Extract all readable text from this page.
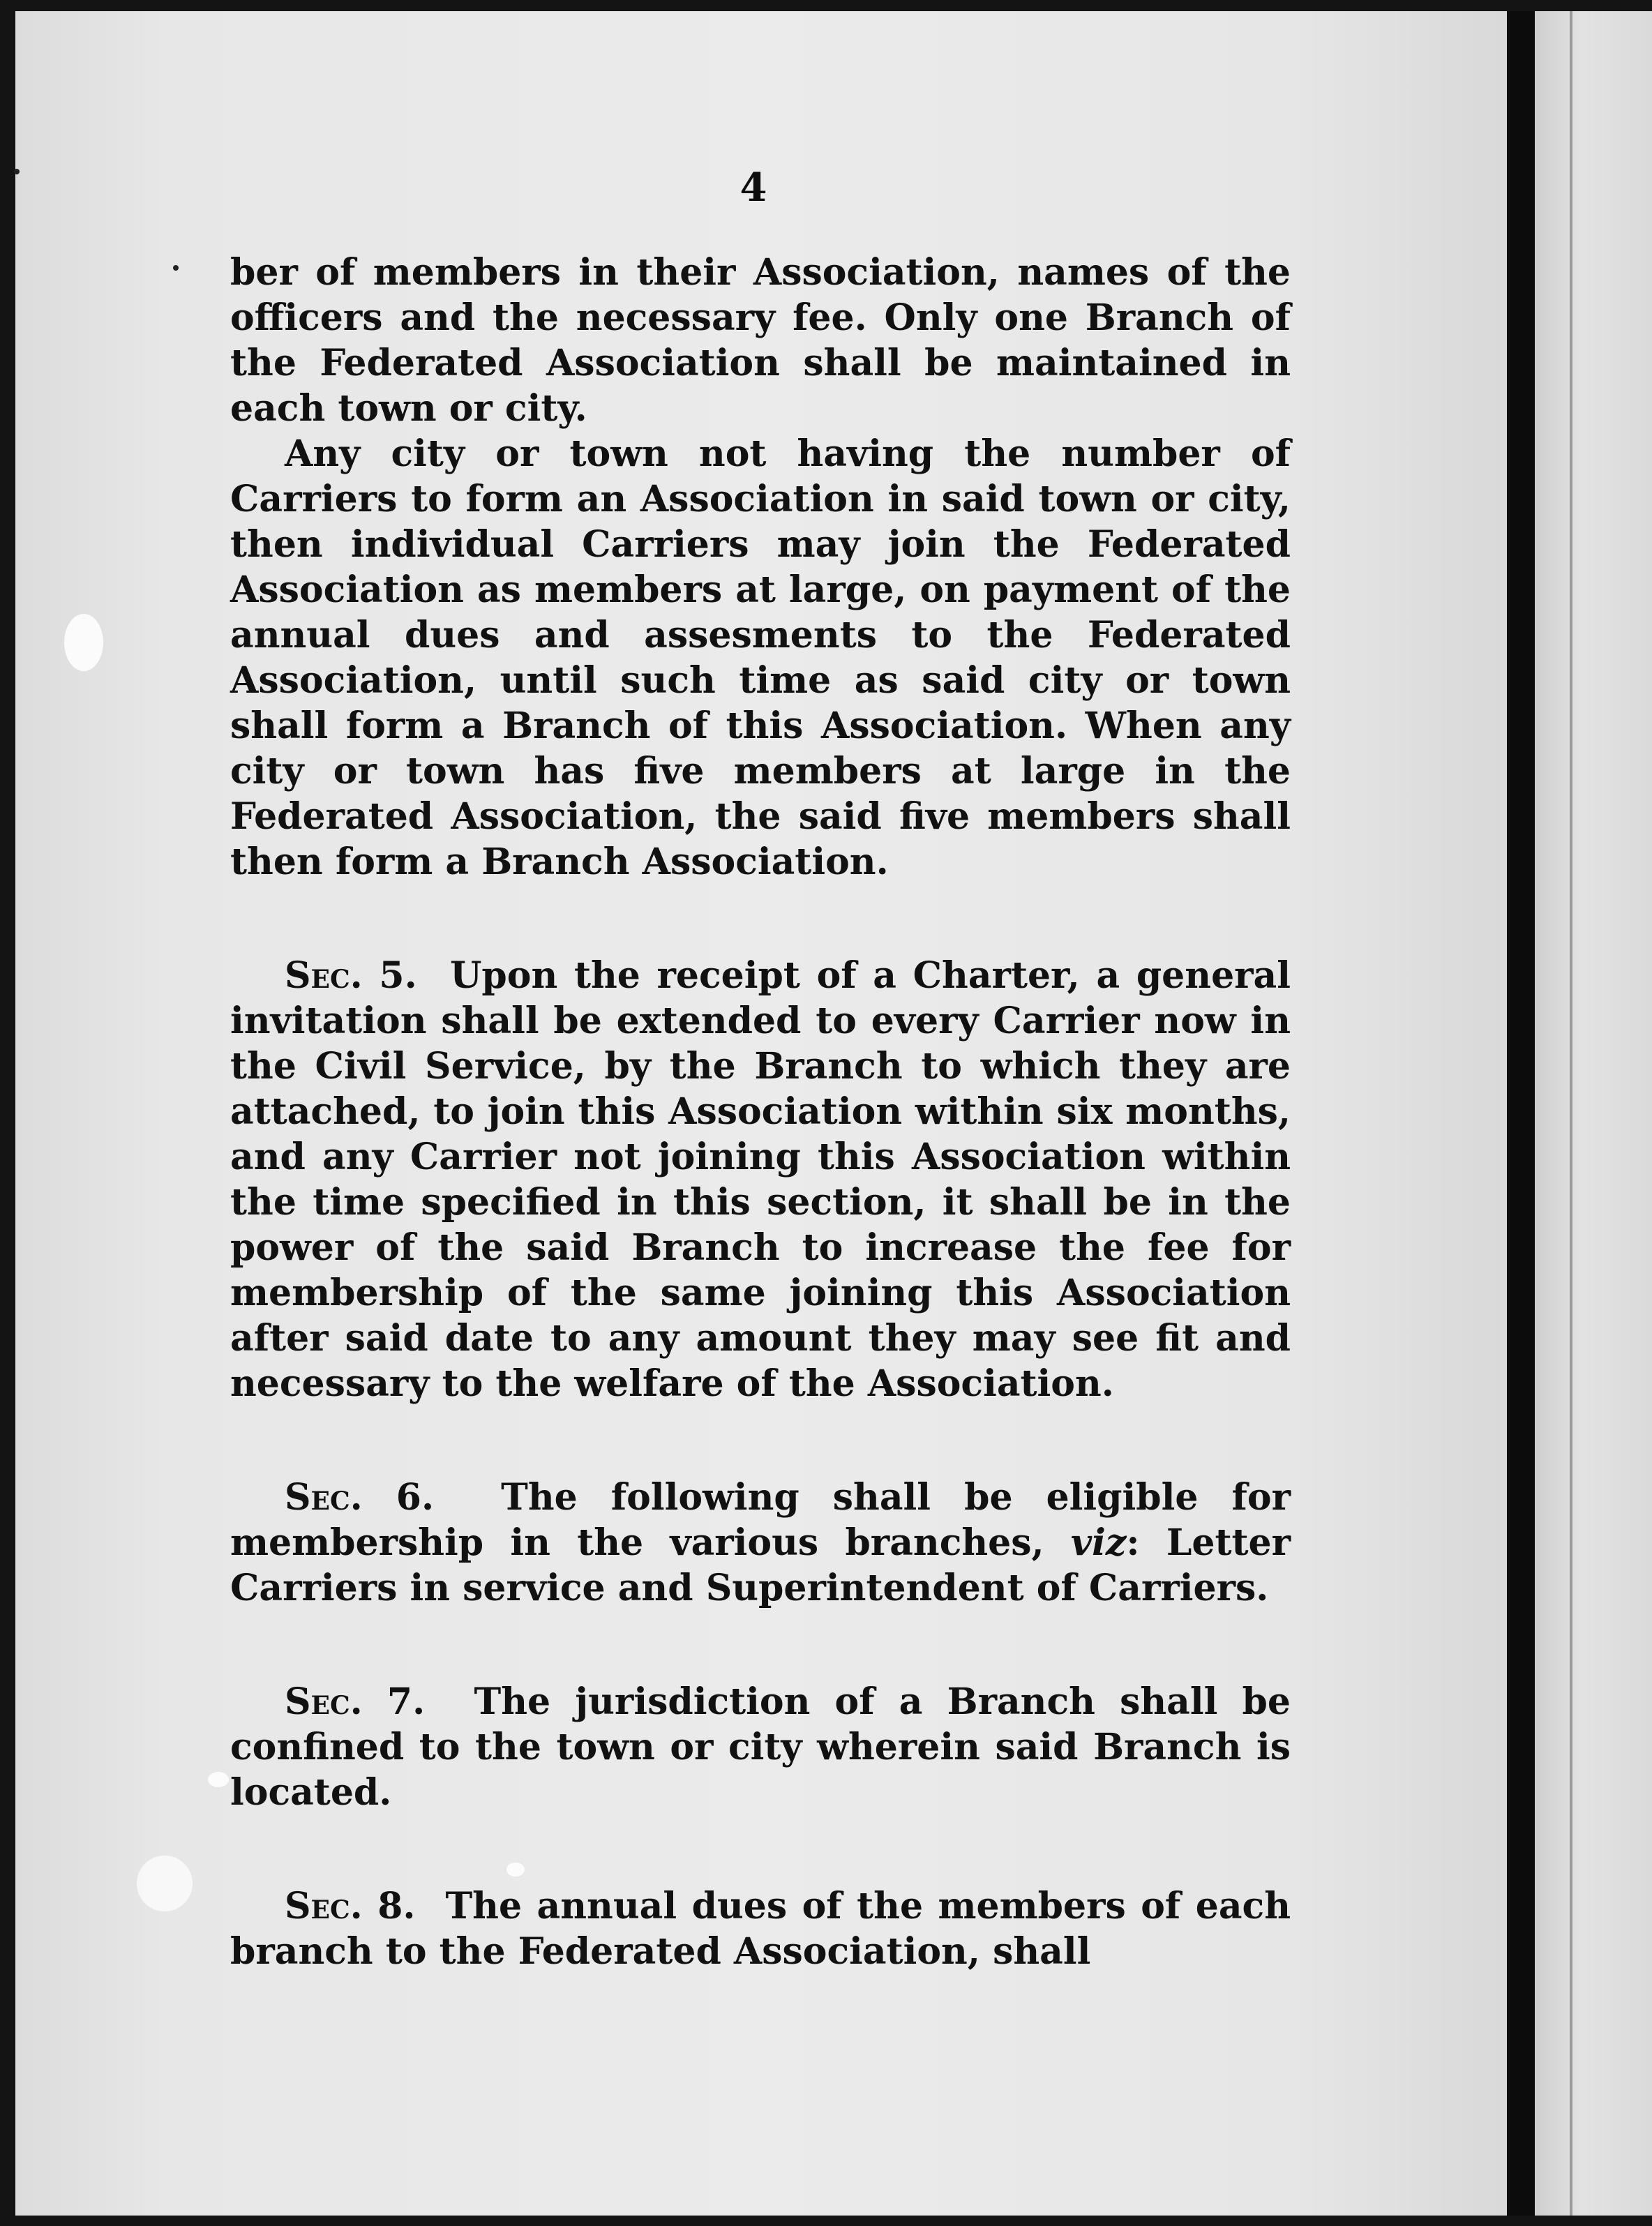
4

ber of members in their Association, names of the officers and the necessary fee. Only one Branch of the Federated Association shall be maintained in each town or city.

Any city or town not having the number of Carriers to form an Association in said town or city, then individual Carriers may join the Federated Association as members at large, on payment of the annual dues and assesments to the Federated Association, until such time as said city or town shall form a Branch of this Association. When any city or town has five members at large in the Federated Association, the said five members shall then form a Branch Association.

Sec. 5. Upon the receipt of a Charter, a general invitation shall be extended to every Carrier now in the Civil Service, by the Branch to which they are attached, to join this Association within six months, and any Carrier not joining this Association within the time specified in this section, it shall be in the power of the said Branch to increase the fee for membership of the same joining this Association after said date to any amount they may see fit and necessary to the welfare of the Association.

Sec. 6. The following shall be eligible for membership in the various branches, viz: Letter Carriers in service and Superintendent of Carriers.

Sec. 7. The jurisdiction of a Branch shall be confined to the town or city wherein said Branch is located.

Sec. 8. The annual dues of the members of each branch to the Federated Association, shall
